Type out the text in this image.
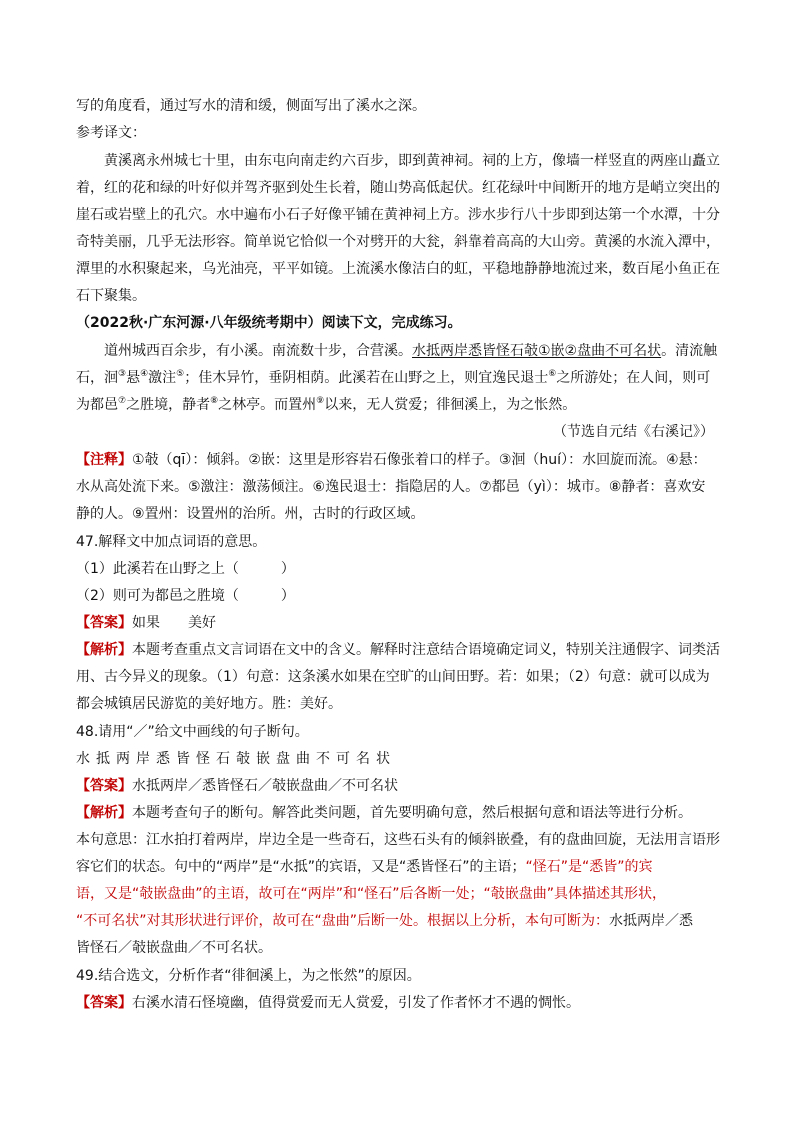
写的角度看，通过写水的清和缓，侧面写出了溪水之深。
参考译文：
黄溪离永州城七十里，由东屯向南走约六百步，即到黄神祠。祠的上方，像墙一样竖直的两座山矗立
着，红的花和绿的叶好似并驾齐驱到处生长着，随山势高低起伏。红花绿叶中间断开的地方是峭立突出的
崖石或岩壁上的孔穴。水中遍布小石子好像平铺在黄神祠上方。涉水步行八十步即到达第一个水潭，十分
奇特美丽，几乎无法形容。简单说它恰似一个对劈开的大瓮，斜靠着高高的大山旁。黄溪的水流入潭中，
潭里的水积聚起来，乌光油亮，平平如镜。上流溪水像洁白的虹，平稳地静静地流过来，数百尾小鱼正在
石下聚集。
（2022秋·广东河源·八年级统考期中）阅读下文，完成练习。
道州城西百余步，有小溪。南流数十步，合营溪。水抵两岸悉皆怪石攲①嵌②盘曲不可名状。清流触
石，洄③悬④激注⑤；佳木异竹，垂阴相荫。此溪若在山野之上，则宜逸民退士⑥之所游处；在人间，则可
为都邑⑦之胜境，静者⑧之林亭。而置州⑨以来，无人赏爱；徘徊溪上，为之怅然。
（节选自元结《右溪记》）
【注释】①攲（qī）：倾斜。②嵌：这里是形容岩石像张着口的样子。③洄（huí）：水回旋而流。④悬：
水从高处流下来。⑤激注：激荡倾注。⑥逸民退士：指隐居的人。⑦都邑（yì）：城市。⑧静者：喜欢安
静的人。⑨置州：设置州的治所。州，古时的行政区域。
47.解释文中加点词语的意思。
（1）此溪若在山野之上（　　　）
（2）则可为都邑之胜境（　　　）
【答案】如果　　美好
【解析】本题考查重点文言词语在文中的含义。解释时注意结合语境确定词义，特别关注通假字、词类活
用、古今异义的现象。（1）句意：这条溪水如果在空旷的山间田野。若：如果；（2）句意：就可以成为
都会城镇居民游览的美好地方。胜：美好。
48.请用“／”给文中画线的句子断句。
水抵两岸悉皆怪石攲嵌盘曲不可名状
【答案】水抵两岸／悉皆怪石／攲嵌盘曲／不可名状
【解析】本题考查句子的断句。解答此类问题，首先要明确句意，然后根据句意和语法等进行分析。
本句意思：江水拍打着两岸，岸边全是一些奇石，这些石头有的倾斜嵌叠，有的盘曲回旋，无法用言语形
容它们的状态。句中的“两岸”是“水抵”的宾语，又是“悉皆怪石”的主语；“怪石”是“悉皆”的宾
语，又是“攲嵌盘曲”的主语，故可在“两岸”和“怪石”后各断一处；“攲嵌盘曲”具体描述其形状，
“不可名状”对其形状进行评价，故可在“盘曲”后断一处。根据以上分析，本句可断为：水抵两岸／悉
皆怪石／攲嵌盘曲／不可名状。
49.结合选文，分析作者“徘徊溪上，为之怅然”的原因。
【答案】右溪水清石怪境幽，值得赏爱而无人赏爱，引发了作者怀才不遇的惆怅。
